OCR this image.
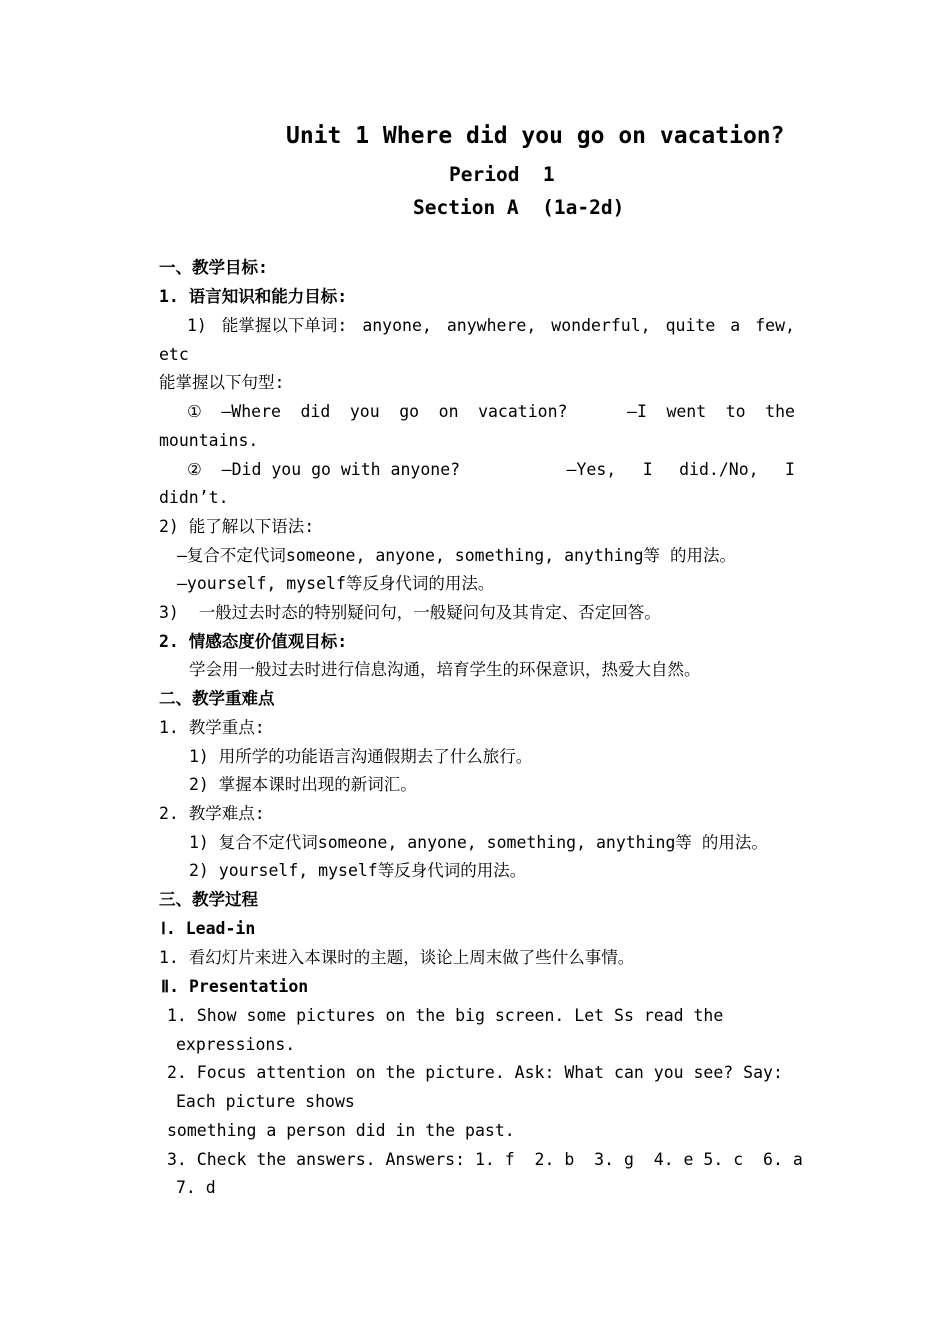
Unit 1 Where did you go on vacation?
Period  1
Section A  (1a-2d)
一、教学目标:
1. 语言知识和能力目标:
1) 能掌握以下单词: anyone, anywhere, wonderful, quite a few,
etc
能掌握以下句型:
① —Where did you go on vacation?	—I went to the
mountains.
②  —Did you go with anyone?	—Yes, I did./No, I
didn’t.
2) 能了解以下语法:
—复合不定代词someone, anyone, something, anything等 的用法。
—yourself, myself等反身代词的用法。
3)  一般过去时态的特别疑问句，一般疑问句及其肯定、否定回答。
2. 情感态度价值观目标:
学会用一般过去时进行信息沟通，培育学生的环保意识，热爱大自然。
二、教学重难点
1. 教学重点:
1) 用所学的功能语言沟通假期去了什么旅行。
2) 掌握本课时出现的新词汇。
2. 教学难点:
1) 复合不定代词someone, anyone, something, anything等 的用法。
2) yourself, myself等反身代词的用法。
三、教学过程
Ⅰ. Lead-in
1. 看幻灯片来进入本课时的主题，谈论上周末做了些什么事情。
Ⅱ. Presentation
1. Show some pictures on the big screen. Let Ss read the
expressions.
2. Focus attention on the picture. Ask: What can you see? Say:
Each picture shows
something a person did in the past.
3. Check the answers. Answers: 1. f  2. b  3. g  4. e 5. c  6. a
7. d
